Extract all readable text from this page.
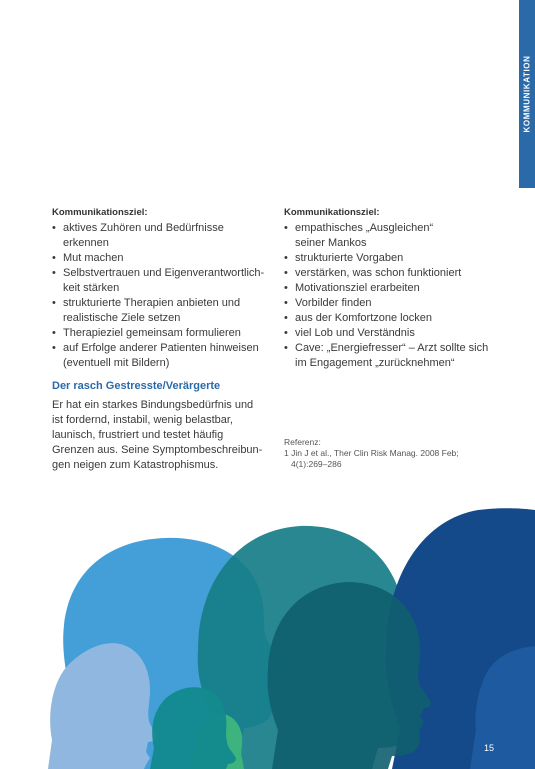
KOMMUNIKATION

Kommunikationsziel:

• aktives Zuhören und Bedürfnisse
erkennen
• Mut machen
• Selbstvertrauen und Eigenverantwortlich-
keit stärken
• strukturierte Therapien anbieten und
realistische Ziele setzen
• Therapieziel gemeinsam formulieren
• auf Erfolge anderer Patienten hinweisen
(eventuell mit Bildern)

Kommunikationsziel:

• empathisches „Ausgleichen“
seiner Mankos
• strukturierte Vorgaben
• verstärken, was schon funktioniert
• Motivationsziel erarbeiten
• Vorbilder finden
• aus der Komfortzone locken
• viel Lob und Verständnis
• Cave: „Energiefresser“ – Arzt sollte sich
im Engagement „zurücknehmen“
Der rasch Gestresste/Verärgerte
Er hat ein starkes Bindungsbedürfnis und
ist fordernd, instabil, wenig belastbar,
launisch, frustriert und testet häufig
Grenzen aus. Seine Symptombeschreibun-
gen neigen zum Katastrophismus.
Referenz:
1 Jin J et al., Ther Clin Risk Manag. 2008 Feb;
4(1):269–286
15
